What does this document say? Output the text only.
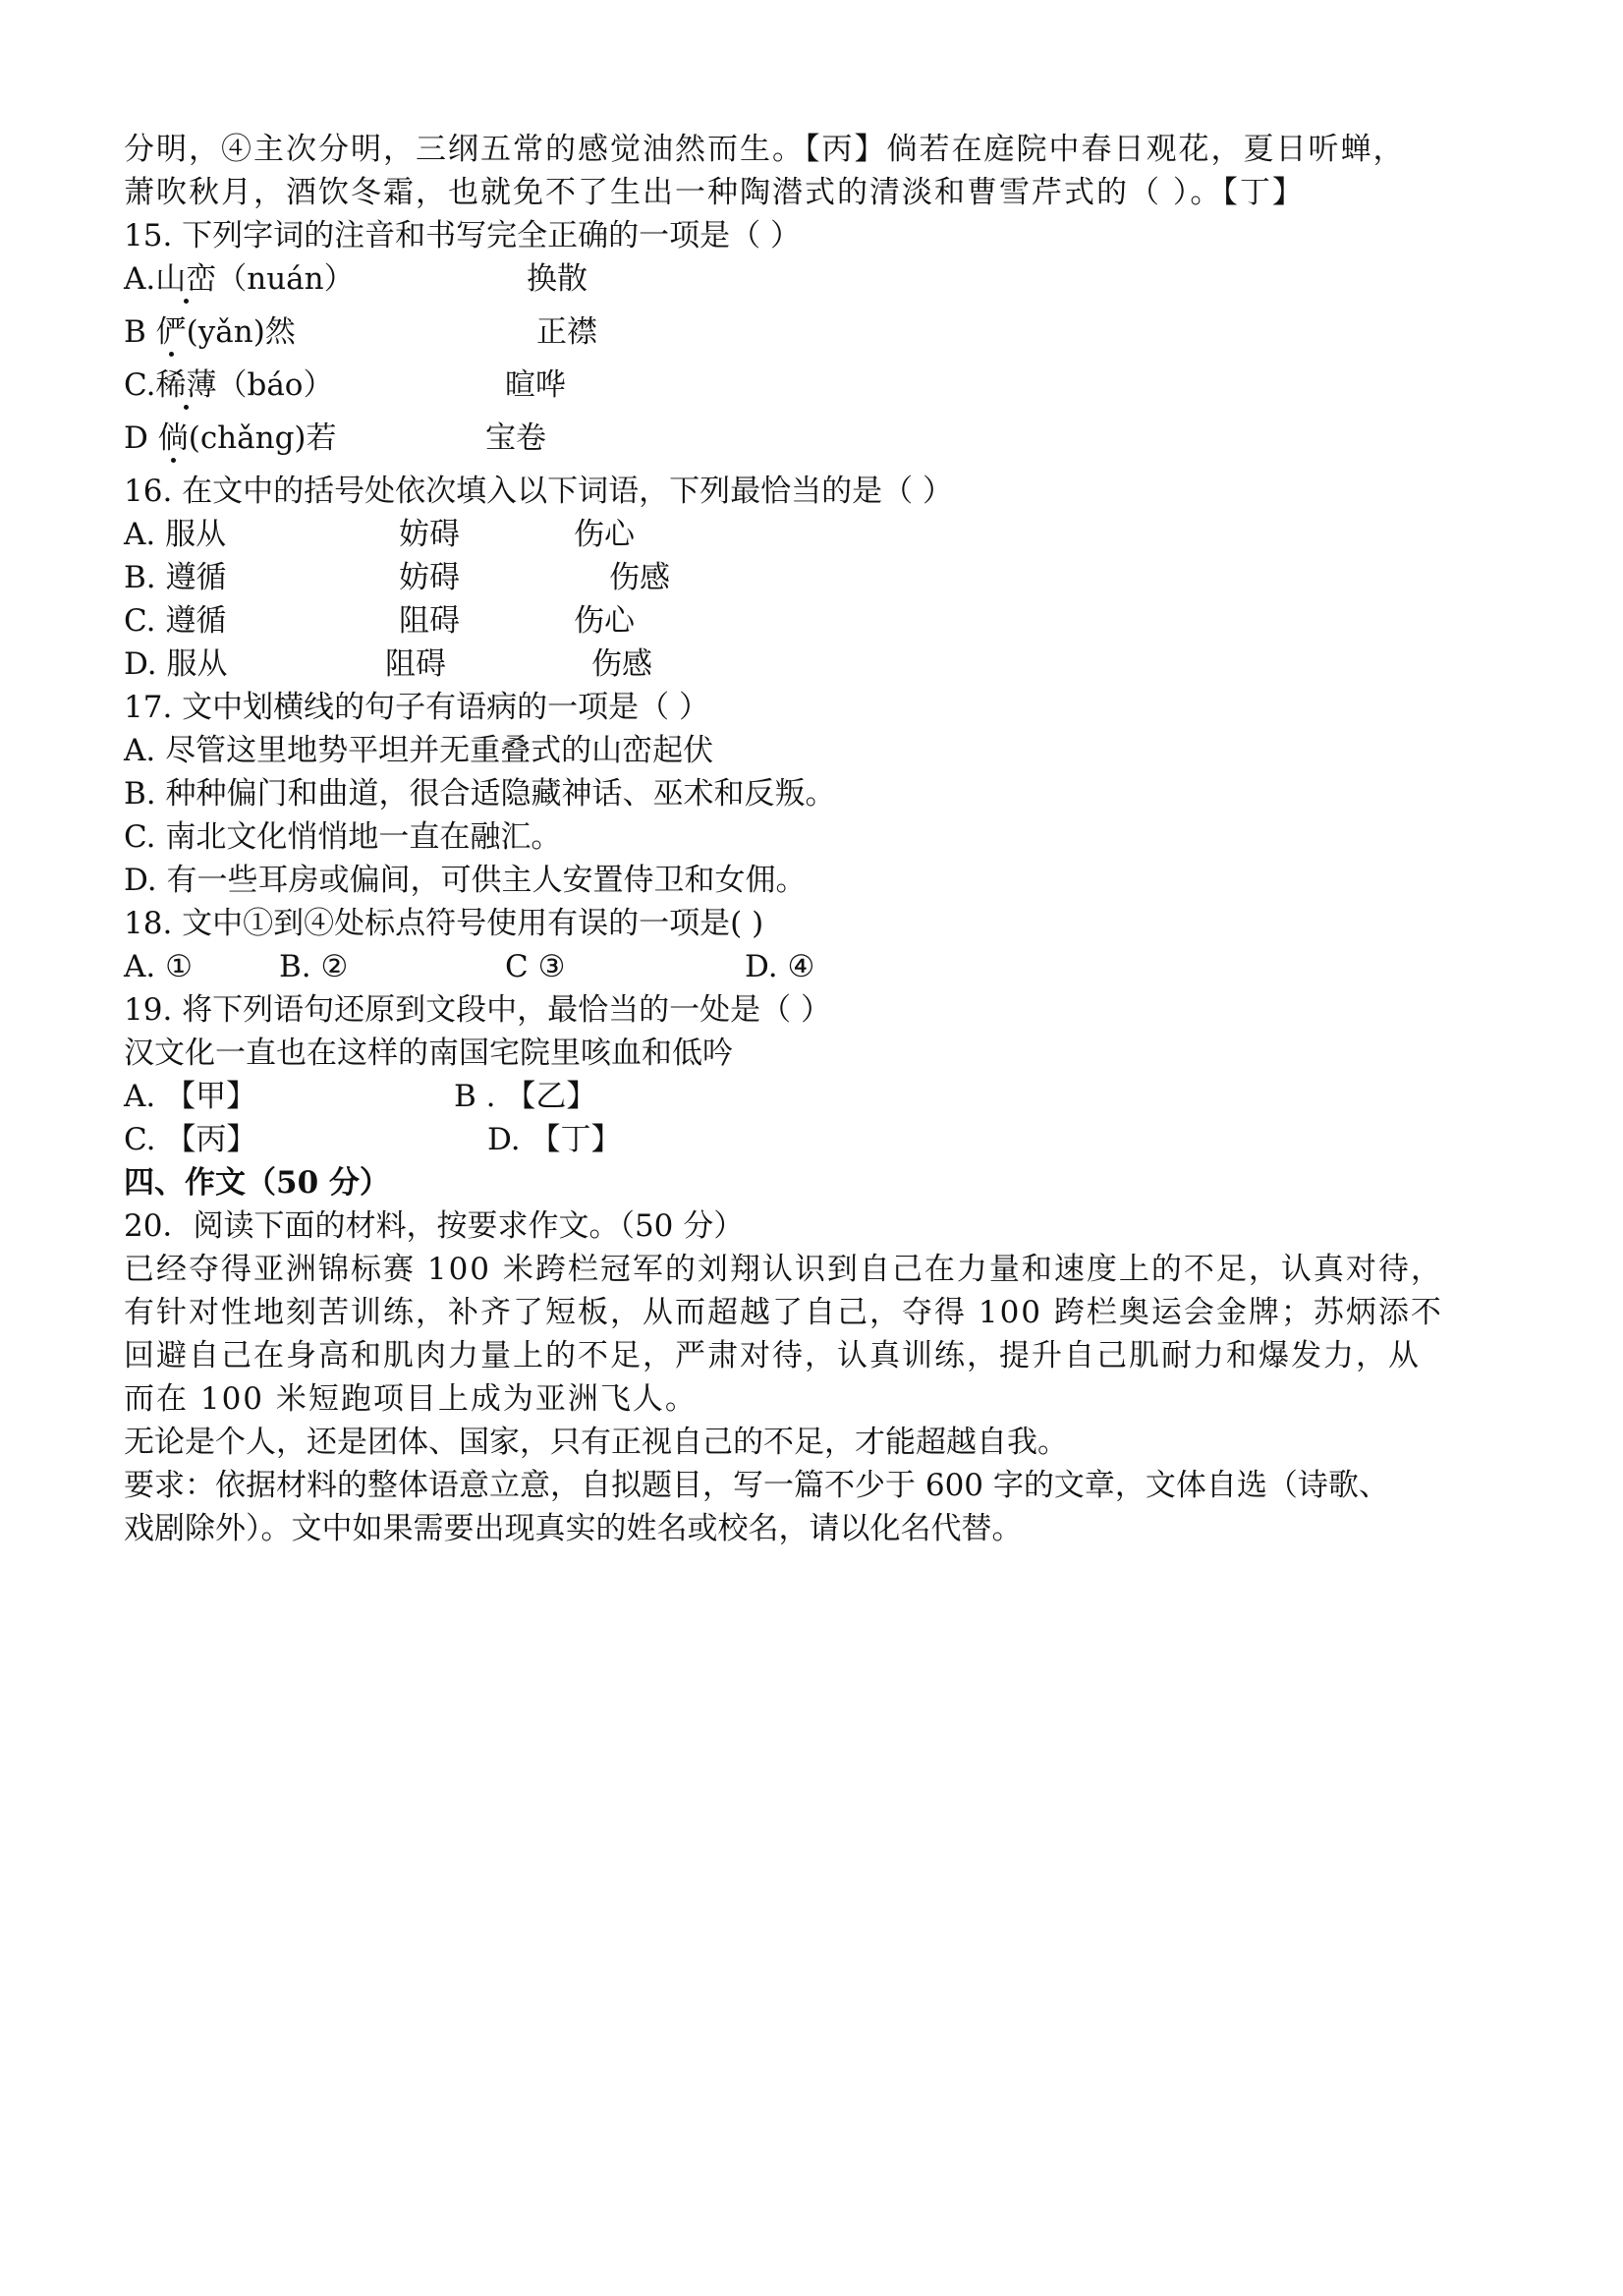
分明，④主次分明，三纲五常的感觉油然而生。【丙】倘若在庭院中春日观花，夏日听蝉，
萧吹秋月，酒饮冬霜，也就免不了生出一种陶潜式的清淡和曹雪芹式的（ ）。【丁】
15. 下列字词的注音和书写完全正确的一项是（ ）
A.山峦（nuán）	换散
B 俨(yǎn)然	正襟
C.稀薄（báo）	暄哗
D 倘(chǎng)若	宝卷
16. 在文中的括号处依次填入以下词语，下列最恰当的是（ ）
A. 服从	妨碍	伤心
B. 遵循	妨碍	伤感
C. 遵循	阻碍	伤心
D. 服从	阻碍	伤感
17. 文中划横线的句子有语病的一项是（ ）
A. 尽管这里地势平坦并无重叠式的山峦起伏
B. 种种偏门和曲道，很合适隐藏神话、巫术和反叛。
C. 南北文化悄悄地一直在融汇。
D. 有一些耳房或偏间，可供主人安置侍卫和女佣。
18. 文中①到④处标点符号使用有误的一项是( )
A. ①	B. ②	C ③	D. ④
19. 将下列语句还原到文段中，最恰当的一处是（ ）
汉文化一直也在这样的南国宅院里咳血和低吟
A. 【甲】	B . 【乙】
C. 【丙】	D. 【丁】
四、作文（50 分）
20．阅读下面的材料，按要求作文。（50 分）
已经夺得亚洲锦标赛 100 米跨栏冠军的刘翔认识到自己在力量和速度上的不足，认真对待，
有针对性地刻苦训练，补齐了短板，从而超越了自己，夺得 100 跨栏奥运会金牌；苏炳添不
回避自己在身高和肌肉力量上的不足，严肃对待，认真训练，提升自己肌耐力和爆发力，从
而在 100 米短跑项目上成为亚洲飞人。
无论是个人，还是团体、国家，只有正视自己的不足，才能超越自我。
要求：依据材料的整体语意立意，自拟题目，写一篇不少于 600 字的文章，文体自选（诗歌、
戏剧除外）。文中如果需要出现真实的姓名或校名，请以化名代替。
